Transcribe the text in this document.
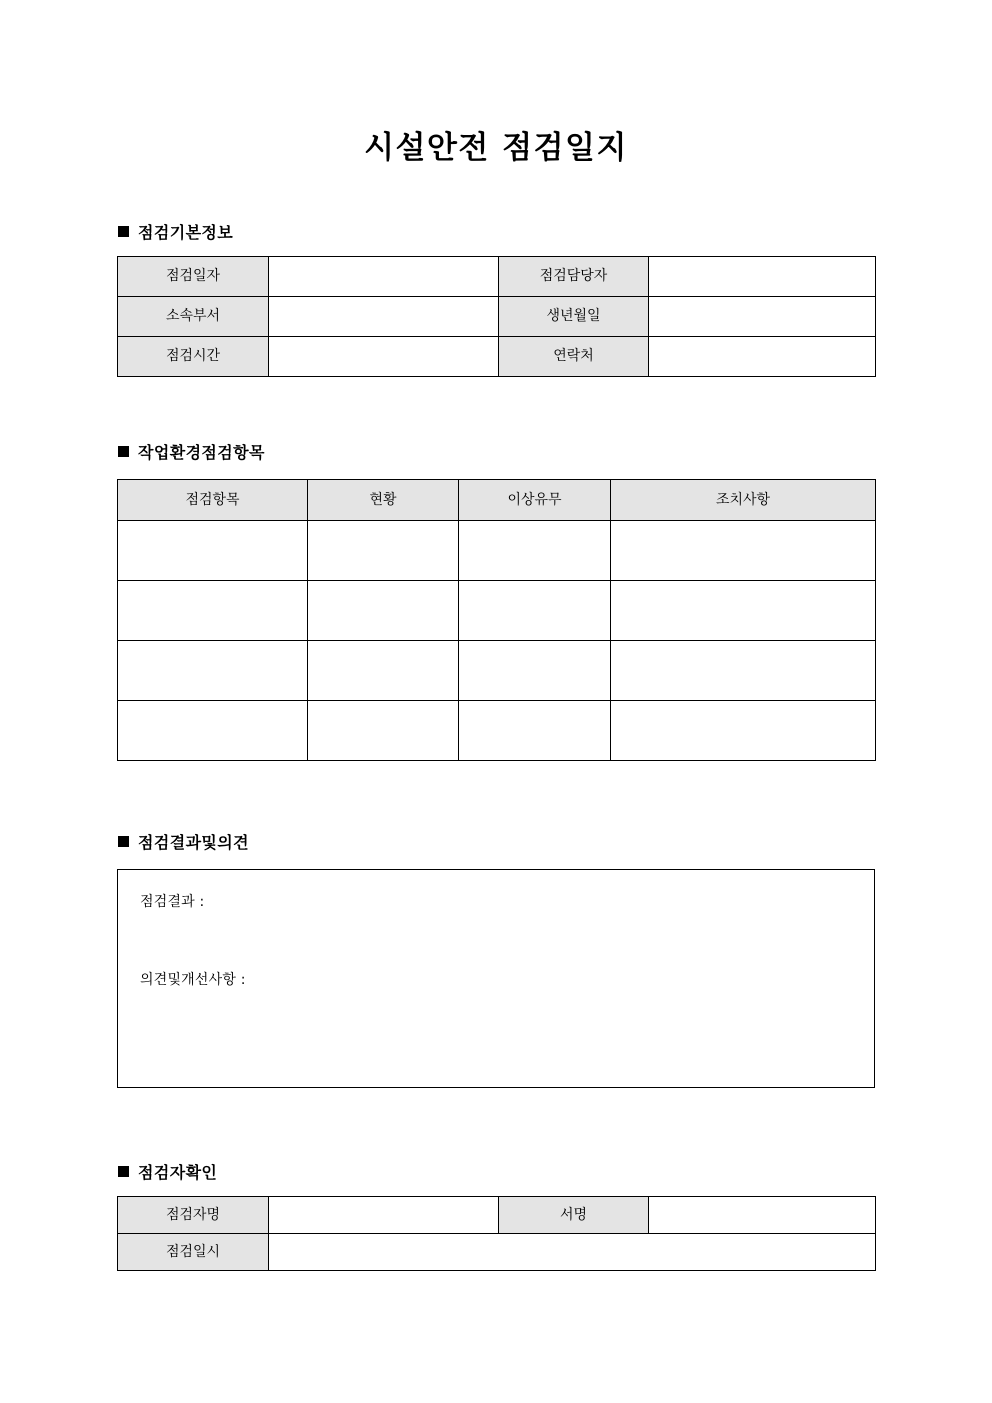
시설안전 점검일지
점검기본정보
점검일자		점검담당자	
소속부서		생년월일	
점검시간		연락처	
작업환경점검항목
점검항목	현황	이상유무	조치사항

점검결과및의견
점검결과 :
의견및개선사항 :
점검자확인
점검자명		서명	
점검일시			
